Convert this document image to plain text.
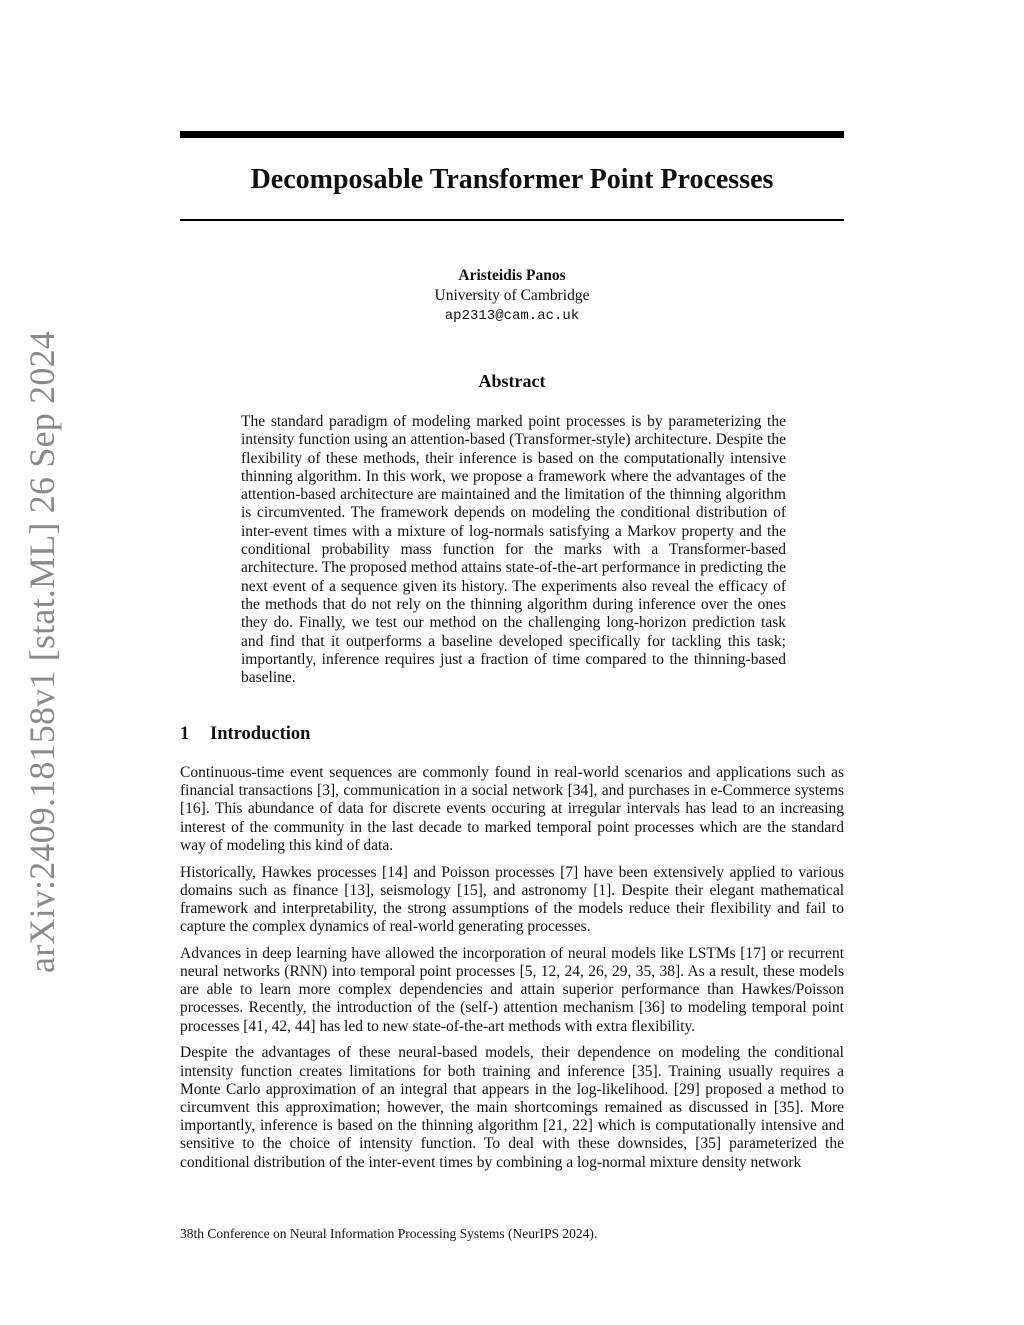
arXiv:2409.18158v1 [stat.ML] 26 Sep 2024
Decomposable Transformer Point Processes
Aristeidis Panos
University of Cambridge
ap2313@cam.ac.uk
Abstract

The standard paradigm of modeling marked point processes is by parameterizing the intensity function using an attention-based (Transformer-style) architecture. Despite the flexibility of these methods, their inference is based on the computationally intensive thinning algorithm. In this work, we propose a framework where the advantages of the attention-based architecture are maintained and the limitation of the thinning algorithm is circumvented. The framework depends on modeling the conditional distribution of inter-event times with a mixture of log-normals satisfying a Markov property and the conditional probability mass function for the marks with a Transformer-based architecture. The proposed method attains state-of-the-art performance in predicting the next event of a sequence given its history. The experiments also reveal the efficacy of the methods that do not rely on the thinning algorithm during inference over the ones they do. Finally, we test our method on the challenging long-horizon prediction task and find that it outperforms a baseline developed specifically for tackling this task; importantly, inference requires just a fraction of time compared to the thinning-based baseline.

1 Introduction

Continuous-time event sequences are commonly found in real-world scenarios and applications such as financial transactions [3], communication in a social network [34], and purchases in e-Commerce systems [16]. This abundance of data for discrete events occuring at irregular intervals has lead to an increasing interest of the community in the last decade to marked temporal point processes which are the standard way of modeling this kind of data.

Historically, Hawkes processes [14] and Poisson processes [7] have been extensively applied to various domains such as finance [13], seismology [15], and astronomy [1]. Despite their elegant mathematical framework and interpretability, the strong assumptions of the models reduce their flexibility and fail to capture the complex dynamics of real-world generating processes.

Advances in deep learning have allowed the incorporation of neural models like LSTMs [17] or recurrent neural networks (RNN) into temporal point processes [5, 12, 24, 26, 29, 35, 38]. As a result, these models are able to learn more complex dependencies and attain superior performance than Hawkes/Poisson processes. Recently, the introduction of the (self-) attention mechanism [36] to modeling temporal point processes [41, 42, 44] has led to new state-of-the-art methods with extra flexibility.

Despite the advantages of these neural-based models, their dependence on modeling the conditional intensity function creates limitations for both training and inference [35]. Training usually requires a Monte Carlo approximation of an integral that appears in the log-likelihood. [29] proposed a method to circumvent this approximation; however, the main shortcomings remained as discussed in [35]. More importantly, inference is based on the thinning algorithm [21, 22] which is computationally intensive and sensitive to the choice of intensity function. To deal with these downsides, [35] parameterized the conditional distribution of the inter-event times by combining a log-normal mixture density network

38th Conference on Neural Information Processing Systems (NeurIPS 2024).
